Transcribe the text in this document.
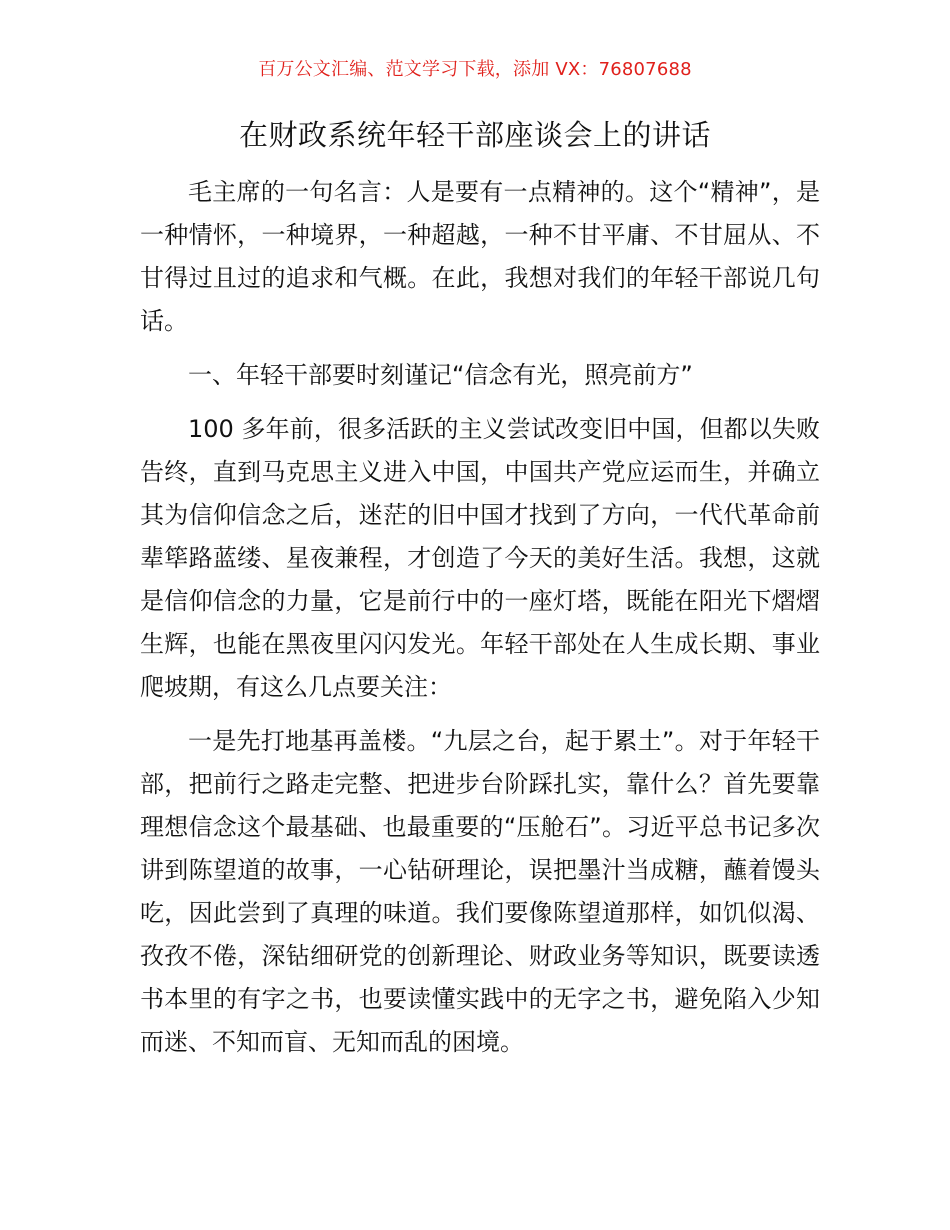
百万公文汇编、范文学习下载，添加 VX：76807688
在财政系统年轻干部座谈会上的讲话

毛主席的一句名言：人是要有一点精神的。这个“精神”，是一种情怀，一种境界，一种超越，一种不甘平庸、不甘屈从、不甘得过且过的追求和气概。在此，我想对我们的年轻干部说几句话。

一、年轻干部要时刻谨记“信念有光，照亮前方”

100 多年前，很多活跃的主义尝试改变旧中国，但都以失败告终，直到马克思主义进入中国，中国共产党应运而生，并确立其为信仰信念之后，迷茫的旧中国才找到了方向，一代代革命前辈筚路蓝缕、星夜兼程，才创造了今天的美好生活。我想，这就是信仰信念的力量，它是前行中的一座灯塔，既能在阳光下熠熠生辉，也能在黑夜里闪闪发光。年轻干部处在人生成长期、事业爬坡期，有这么几点要关注：

一是先打地基再盖楼。“九层之台，起于累土”。对于年轻干部，把前行之路走完整、把进步台阶踩扎实，靠什么？首先要靠理想信念这个最基础、也最重要的“压舱石”。习近平总书记多次讲到陈望道的故事，一心钻研理论，误把墨汁当成糖，蘸着馒头吃，因此尝到了真理的味道。我们要像陈望道那样，如饥似渴、孜孜不倦，深钻细研党的创新理论、财政业务等知识，既要读透书本里的有字之书，也要读懂实践中的无字之书，避免陷入少知而迷、不知而盲、无知而乱的困境。
